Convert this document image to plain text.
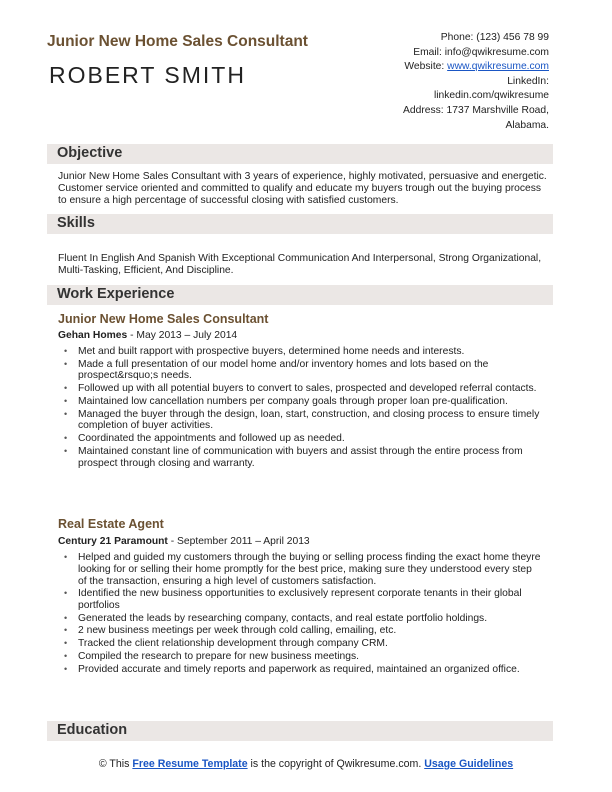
Junior New Home Sales Consultant
ROBERT SMITH
Phone: (123) 456 78 99
Email: info@qwikresume.com
Website: www.qwikresume.com
LinkedIn:
linkedin.com/qwikresume
Address: 1737 Marshville Road,
Alabama.
Objective
Junior New Home Sales Consultant with 3 years of experience, highly motivated, persuasive and energetic. Customer service oriented and committed to qualify and educate my buyers trough out the buying process to ensure a high percentage of successful closing with satisfied customers.
Skills
Fluent In English And Spanish With Exceptional Communication And Interpersonal, Strong Organizational, Multi-Tasking, Efficient, And Discipline.
Work Experience
Junior New Home Sales Consultant
Gehan Homes - May 2013 – July 2014
• Met and built rapport with prospective buyers, determined home needs and interests.
• Made a full presentation of our model home and/or inventory homes and lots based on the prospect&rsquo;s needs.
• Followed up with all potential buyers to convert to sales, prospected and developed referral contacts.
• Maintained low cancellation numbers per company goals through proper loan pre-qualification.
• Managed the buyer through the design, loan, start, construction, and closing process to ensure timely completion of buyer activities.
• Coordinated the appointments and followed up as needed.
• Maintained constant line of communication with buyers and assist through the entire process from prospect through closing and warranty.
Real Estate Agent
Century 21 Paramount - September 2011 – April 2013
• Helped and guided my customers through the buying or selling process finding the exact home theyre looking for or selling their home promptly for the best price, making sure they understood every step of the transaction, ensuring a high level of customers satisfaction.
• Identified the new business opportunities to exclusively represent corporate tenants in their global portfolios
• Generated the leads by researching company, contacts, and real estate portfolio holdings.
• 2 new business meetings per week through cold calling, emailing, etc.
• Tracked the client relationship development through company CRM.
• Compiled the research to prepare for new business meetings.
• Provided accurate and timely reports and paperwork as required, maintained an organized office.
Education
© This Free Resume Template is the copyright of Qwikresume.com. Usage Guidelines
